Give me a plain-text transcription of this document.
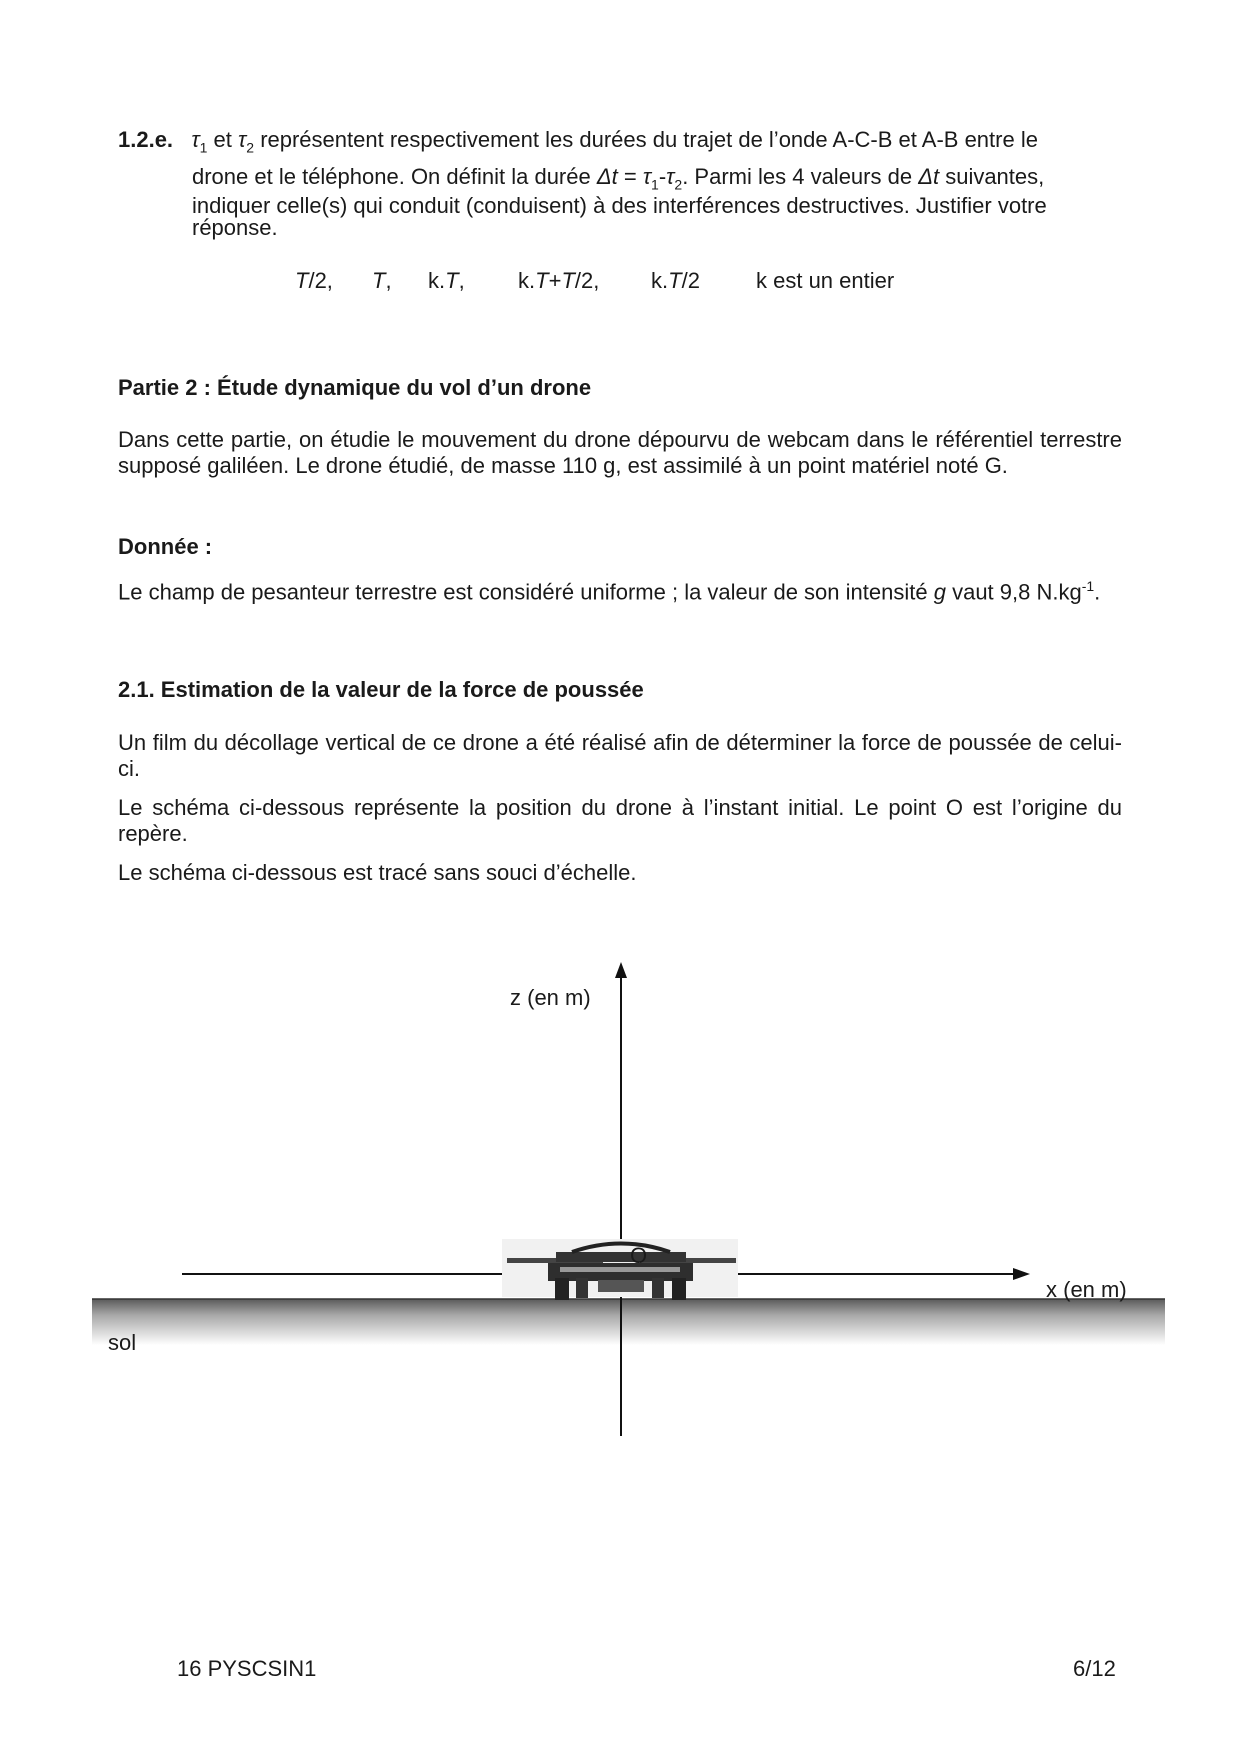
1.2.e. $\tau_1$ et $\tau_2$ représentent respectivement les durées du trajet de l’onde A-C-B et A-B entre le
drone et le téléphone. On définit la durée $\Delta t = \tau_1-\tau_2$. Parmi les 4 valeurs de Δt suivantes,
indiquer celle(s) qui conduit (conduisent) à des interférences destructives. Justifier votre
réponse.
T/2, T, k.T, k.T+T/2, k.T/2	k est un entier
Partie 2 : Étude dynamique du vol d’un drone
Dans cette partie, on étudie le mouvement du drone dépourvu de webcam dans le référentiel terrestre supposé galiléen. Le drone étudié, de masse 110 g, est assimilé à un point matériel noté G.
Donnée :
Le champ de pesanteur terrestre est considéré uniforme ; la valeur de son intensité g vaut 9,8 $N.kg^{-1}$.
2.1. Estimation de la valeur de la force de poussée
Un film du décollage vertical de ce drone a été réalisé afin de déterminer la force de poussée de celui-ci.
Le schéma ci-dessous représente la position du drone à l’instant initial. Le point O est l’origine du repère.
Le schéma ci-dessous est tracé sans souci d’échelle.
z (en m)
O
x (en m)
sol
16 PYSCSIN1	6/12
